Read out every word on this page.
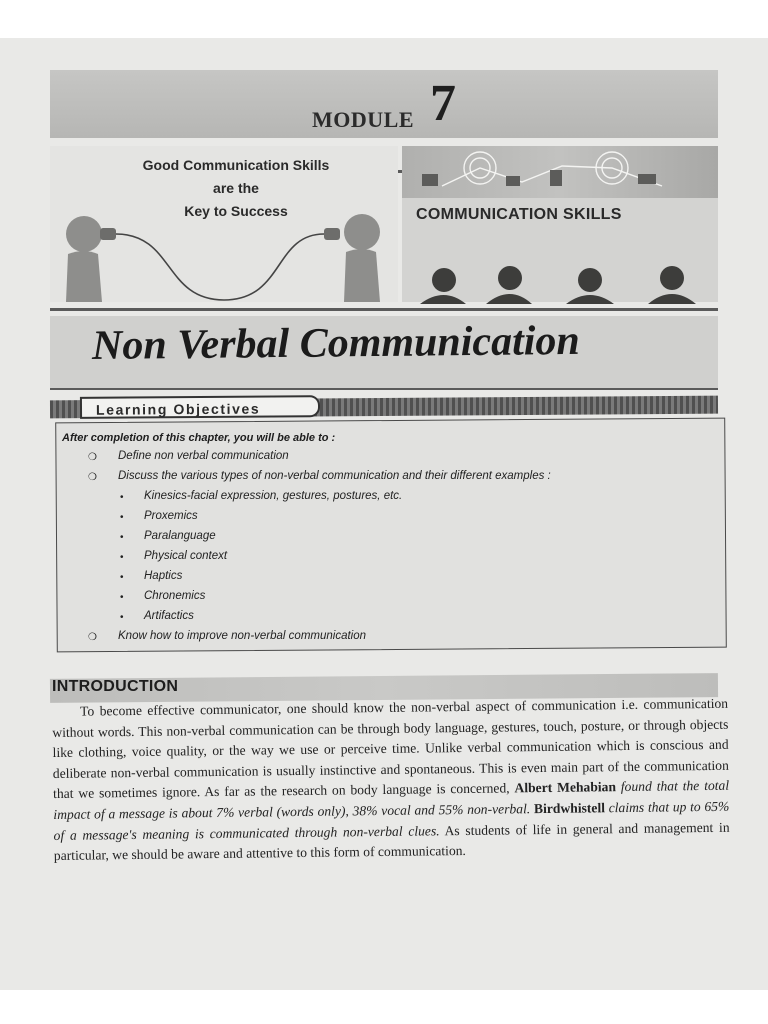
MODULE 7
Good Communication Skills
are the
Key to Success	COMMUNICATION SKILLS
Non Verbal Communication
Learning Objectives
After completion of this chapter, you will be able to :
❍ Define non verbal communication
❍ Discuss the various types of non-verbal communication and their different examples :
• Kinesics-facial expression, gestures, postures, etc.
• Proxemics
• Paralanguage
• Physical context
• Haptics
• Chronemics
• Artifactics
❍ Know how to improve non-verbal communication
INTRODUCTION
To become effective communicator, one should know the non-verbal aspect of communication i.e. communication without words. This non-verbal communication can be through body language, gestures, touch, posture, or through objects like clothing, voice quality, or the way we use or perceive time. Unlike verbal communication which is conscious and deliberate non-verbal communication is usually instinctive and spontaneous. This is even main part of the communication that we sometimes ignore. As far as the research on body language is concerned, Albert Mehabian found that the total impact of a message is about 7% verbal (words only), 38% vocal and 55% non-verbal. Birdwhistell claims that up to 65% of a message's meaning is communicated through non-verbal clues. As students of life in general and management in particular, we should be aware and attentive to this form of communication.
